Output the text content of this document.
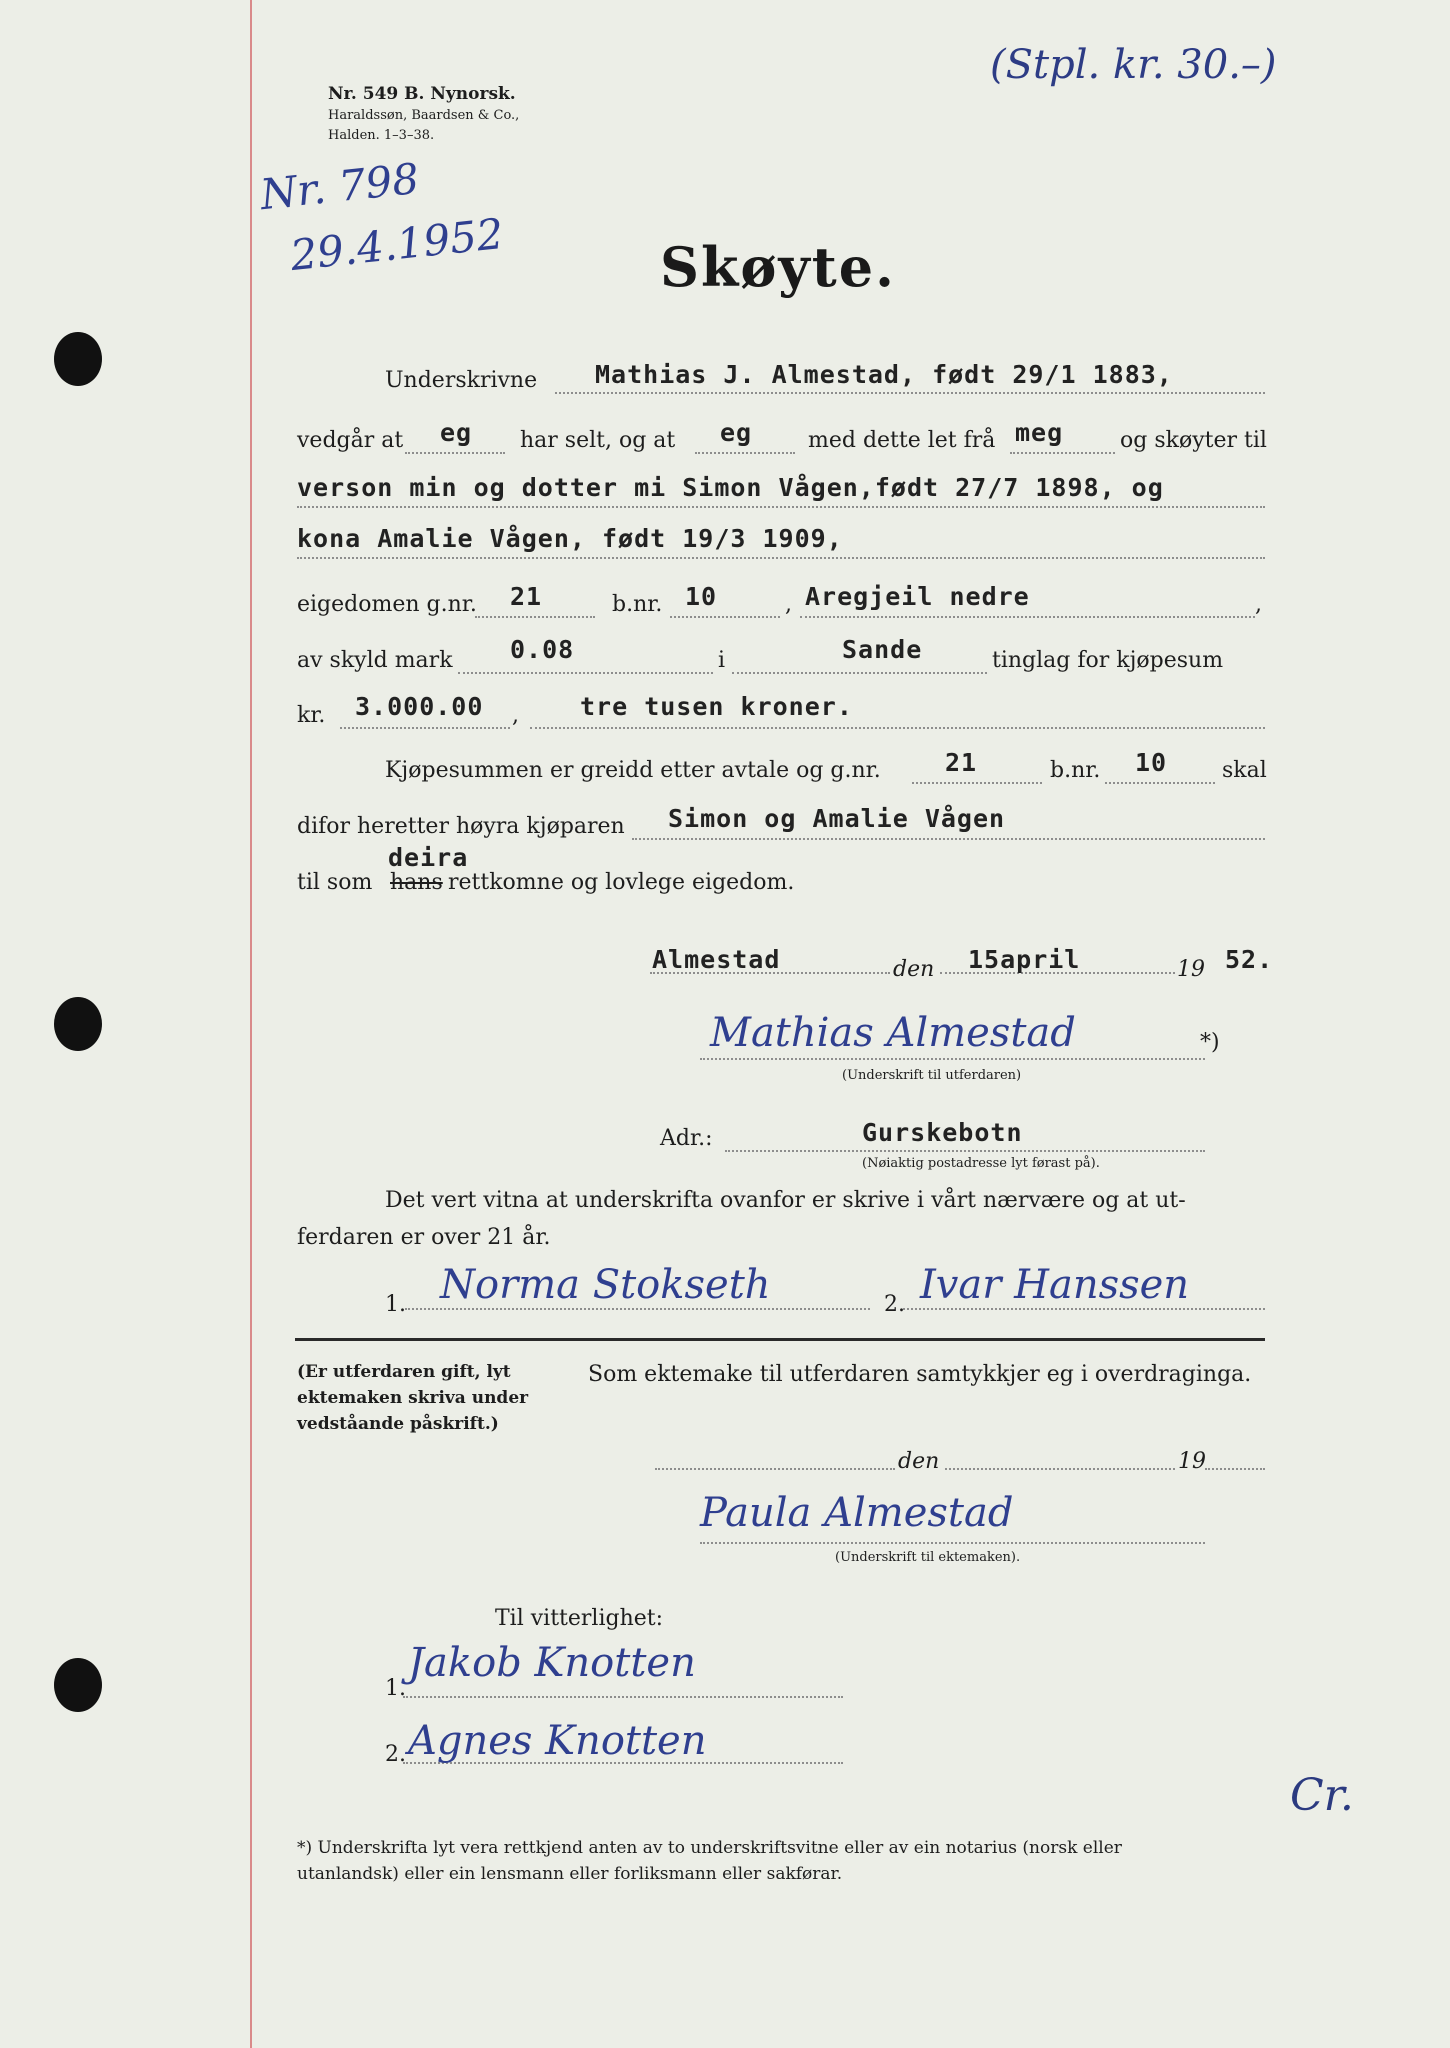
Nr. 549 B. Nynorsk.
Haraldssøn, Baardsen & Co.,
Halden. 1–3–38.
(Stpl. kr. 30.–)
Nr. 798
29.4.1952	Skøyte.
Underskrivne Mathias J. Almestad, født 29/1 1883,
vedgår at eg har selt, og at eg	med dette let frå meg	og skøyter til
verson min og dotter mi Simon Vågen,født 27/7 1898, og
kona Amalie Vågen, født 19/3 1909,
eigedomen g.nr. 21	b.nr. 10	, Aregjeil nedre	,
av skyld mark 0.08	i	Sande	tinglag for kjøpesum
kr. 3.000.00 , tre tusen kroner.
Kjøpesummen er greidd etter avtale og g.nr.	21	b.nr. 10 skal
difor heretter høyra kjøparen Simon og Amalie Vågen
til som hans
deira
rettkomne og lovlege eigedom.
Almestad	den 15april	19 52.
Mathias Almestad	*)
(Underskrift til utferdaren)
Adr.:	Gurskebotn
(Nøiaktig postadresse lyt førast på).
Det vert vitna at underskrifta ovanfor er skrive i vårt nærvære og at ut-
ferdaren er over 21 år.
1. Norma Stokseth	2. Ivar Hanssen
(Er utferdaren gift, lyt
ektemaken skriva under
vedståande påskrift.)
Som ektemake til utferdaren samtykkjer eg i overdraginga.
den	19
Paula Almestad
(Underskrift til ektemaken).
Til vitterlighet:
1.
Jakob Knotten
2. Agnes Knotten
Cr.
*) Underskrifta lyt vera rettkjend anten av to underskriftsvitne eller av ein notarius (norsk eller
utanlandsk) eller ein lensmann eller forliksmann eller sakførar.
